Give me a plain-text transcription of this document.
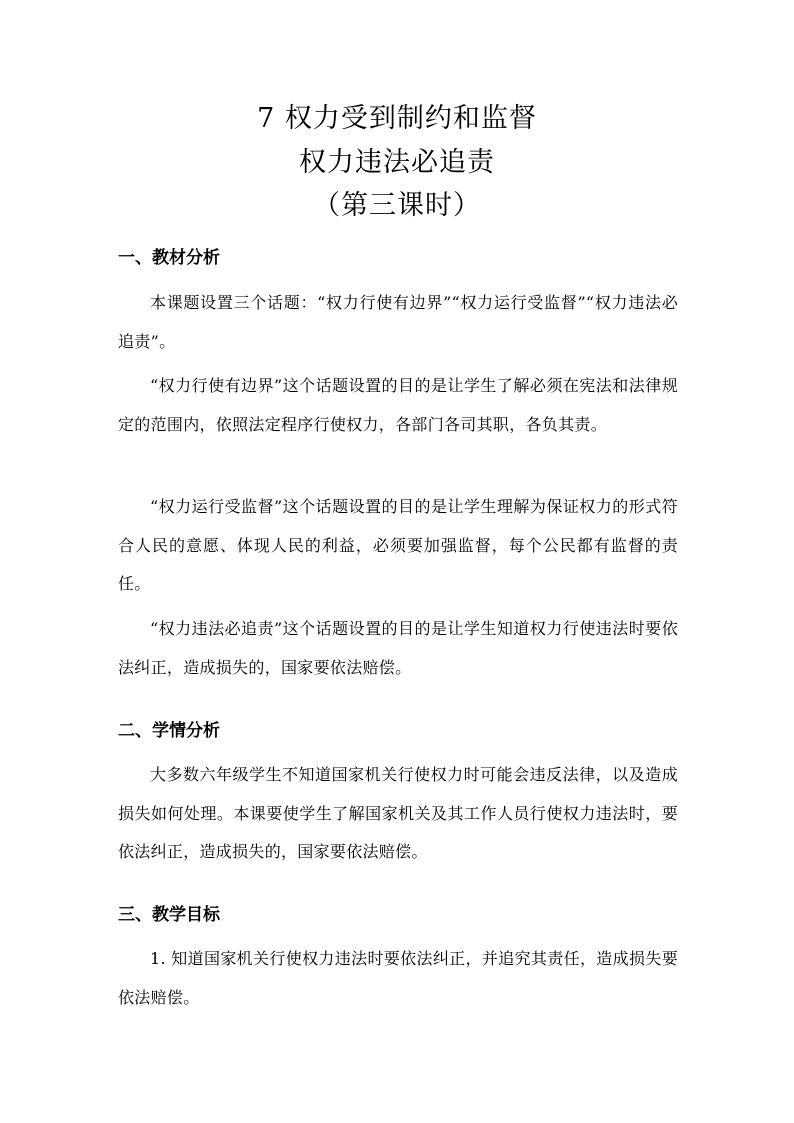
7 权力受到制约和监督
权力违法必追责
（第三课时）
一、教材分析

本课题设置三个话题：“权力行使有边界”“权力运行受监督”“权力违法必追责”。

“权力行使有边界”这个话题设置的目的是让学生了解必须在宪法和法律规定的范围内，依照法定程序行使权力，各部门各司其职，各负其责。

“权力运行受监督”这个话题设置的目的是让学生理解为保证权力的形式符合人民的意愿、体现人民的利益，必须要加强监督，每个公民都有监督的责任。

“权力违法必追责”这个话题设置的目的是让学生知道权力行使违法时要依法纠正，造成损失的，国家要依法赔偿。

二、学情分析

大多数六年级学生不知道国家机关行使权力时可能会违反法律，以及造成损失如何处理。本课要使学生了解国家机关及其工作人员行使权力违法时，要依法纠正，造成损失的，国家要依法赔偿。

三、教学目标

1. 知道国家机关行使权力违法时要依法纠正，并追究其责任，造成损失要依法赔偿。
